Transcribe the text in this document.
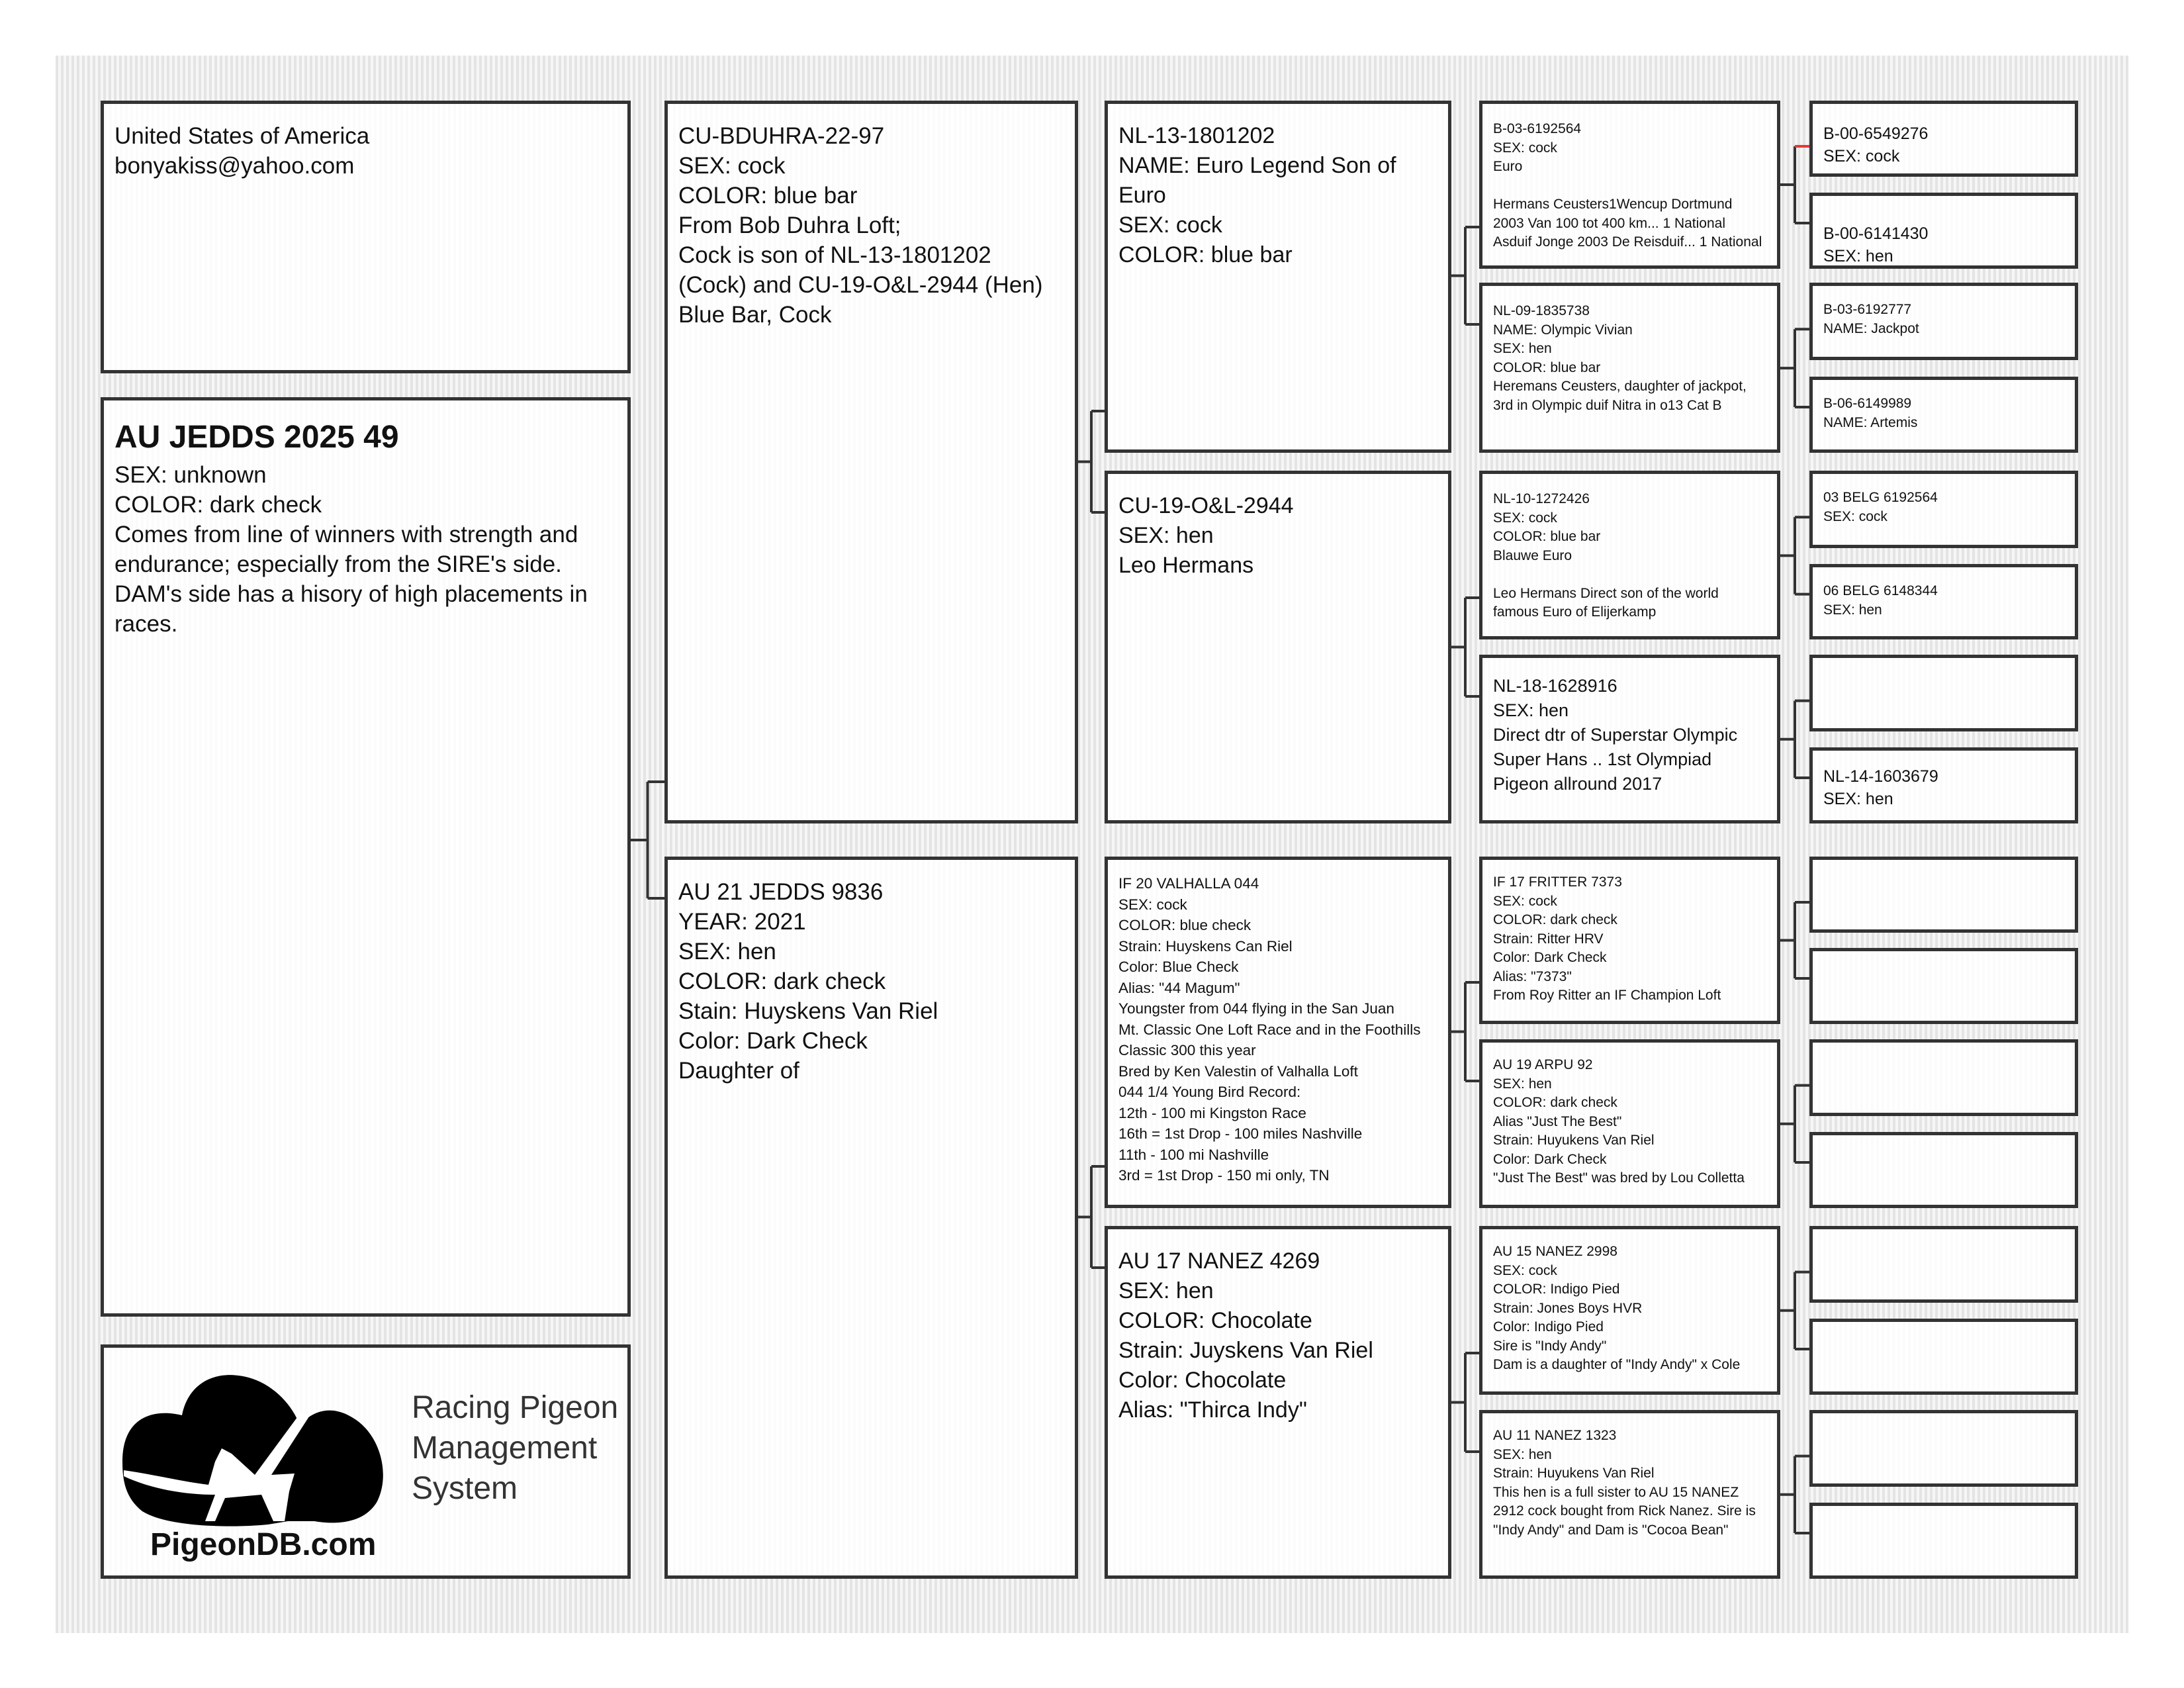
United States of America
bonyakiss@yahoo.com
AU JEDDS 2025 49
SEX: unknown
COLOR: dark check
Comes from line of winners with strength and endurance; especially from the SIRE's side. DAM's side has a hisory of high placements in races.
Racing Pigeon
Management
System
PigeonDB.com
CU-BDUHRA-22-97
SEX: cock
COLOR: blue bar
From Bob Duhra Loft;
Cock is son of NL-13-1801202 (Cock) and CU-19-O&L-2944 (Hen)
Blue Bar, Cock
AU 21 JEDDS 9836
YEAR: 2021
SEX: hen
COLOR: dark check
Stain: Huyskens Van Riel
Color: Dark Check
Daughter of
NL-13-1801202
NAME: Euro Legend Son of Euro
SEX: cock
COLOR: blue bar
CU-19-O&L-2944
SEX: hen
Leo Hermans
IF 20 VALHALLA 044
SEX: cock
COLOR: blue check
Strain: Huyskens Can Riel
Color: Blue Check
Alias: "44 Magum"
Youngster from 044 flying in the San Juan
Mt. Classic One Loft Race and in the Foothills
Classic 300 this year
Bred by Ken Valestin of Valhalla Loft
044 1/4 Young Bird Record:
12th - 100 mi Kingston Race
16th = 1st Drop - 100 miles Nashville
11th - 100 mi Nashville
3rd = 1st Drop - 150 mi only, TN
AU 17 NANEZ 4269
SEX: hen
COLOR: Chocolate
Strain: Juyskens Van Riel
Color: Chocolate
Alias: "Thirca Indy"
B-03-6192564
SEX: cock
Euro

Hermans Ceusters1Wencup Dortmund
2003 Van 100 tot 400 km... 1 National
Asduif Jonge 2003 De Reisduif... 1 National
NL-09-1835738
NAME: Olympic Vivian
SEX: hen
COLOR: blue bar
Heremans Ceusters, daughter of jackpot, 3rd in Olympic duif Nitra in o13 Cat B
NL-10-1272426
SEX: cock
COLOR: blue bar
Blauwe Euro

Leo Hermans Direct son of the world famous Euro of Elijerkamp
NL-18-1628916
SEX: hen
Direct dtr of Superstar Olympic Super Hans .. 1st Olympiad Pigeon allround 2017
IF 17 FRITTER 7373
SEX: cock
COLOR: dark check
Strain: Ritter HRV
Color: Dark Check
Alias: "7373"
From Roy Ritter an IF Champion Loft
AU 19 ARPU 92
SEX: hen
COLOR: dark check
Alias "Just The Best"
Strain: Huyukens Van Riel
Color: Dark Check
"Just The Best" was bred by Lou Colletta
AU 15 NANEZ 2998
SEX: cock
COLOR: Indigo Pied
Strain: Jones Boys HVR
Color: Indigo Pied
Sire is "Indy Andy"
Dam is a daughter of "Indy Andy" x Cole
AU 11 NANEZ 1323
SEX: hen
Strain: Huyukens Van Riel
This hen is a full sister to AU 15 NANEZ 2912 cock bought from Rick Nanez. Sire is "Indy Andy" and Dam is "Cocoa Bean"
B-00-6549276
SEX: cock
B-00-6141430
SEX: hen
B-03-6192777
NAME: Jackpot
B-06-6149989
NAME: Artemis
03 BELG 6192564
SEX: cock
06 BELG 6148344
SEX: hen
NL-14-1603679
SEX: hen
